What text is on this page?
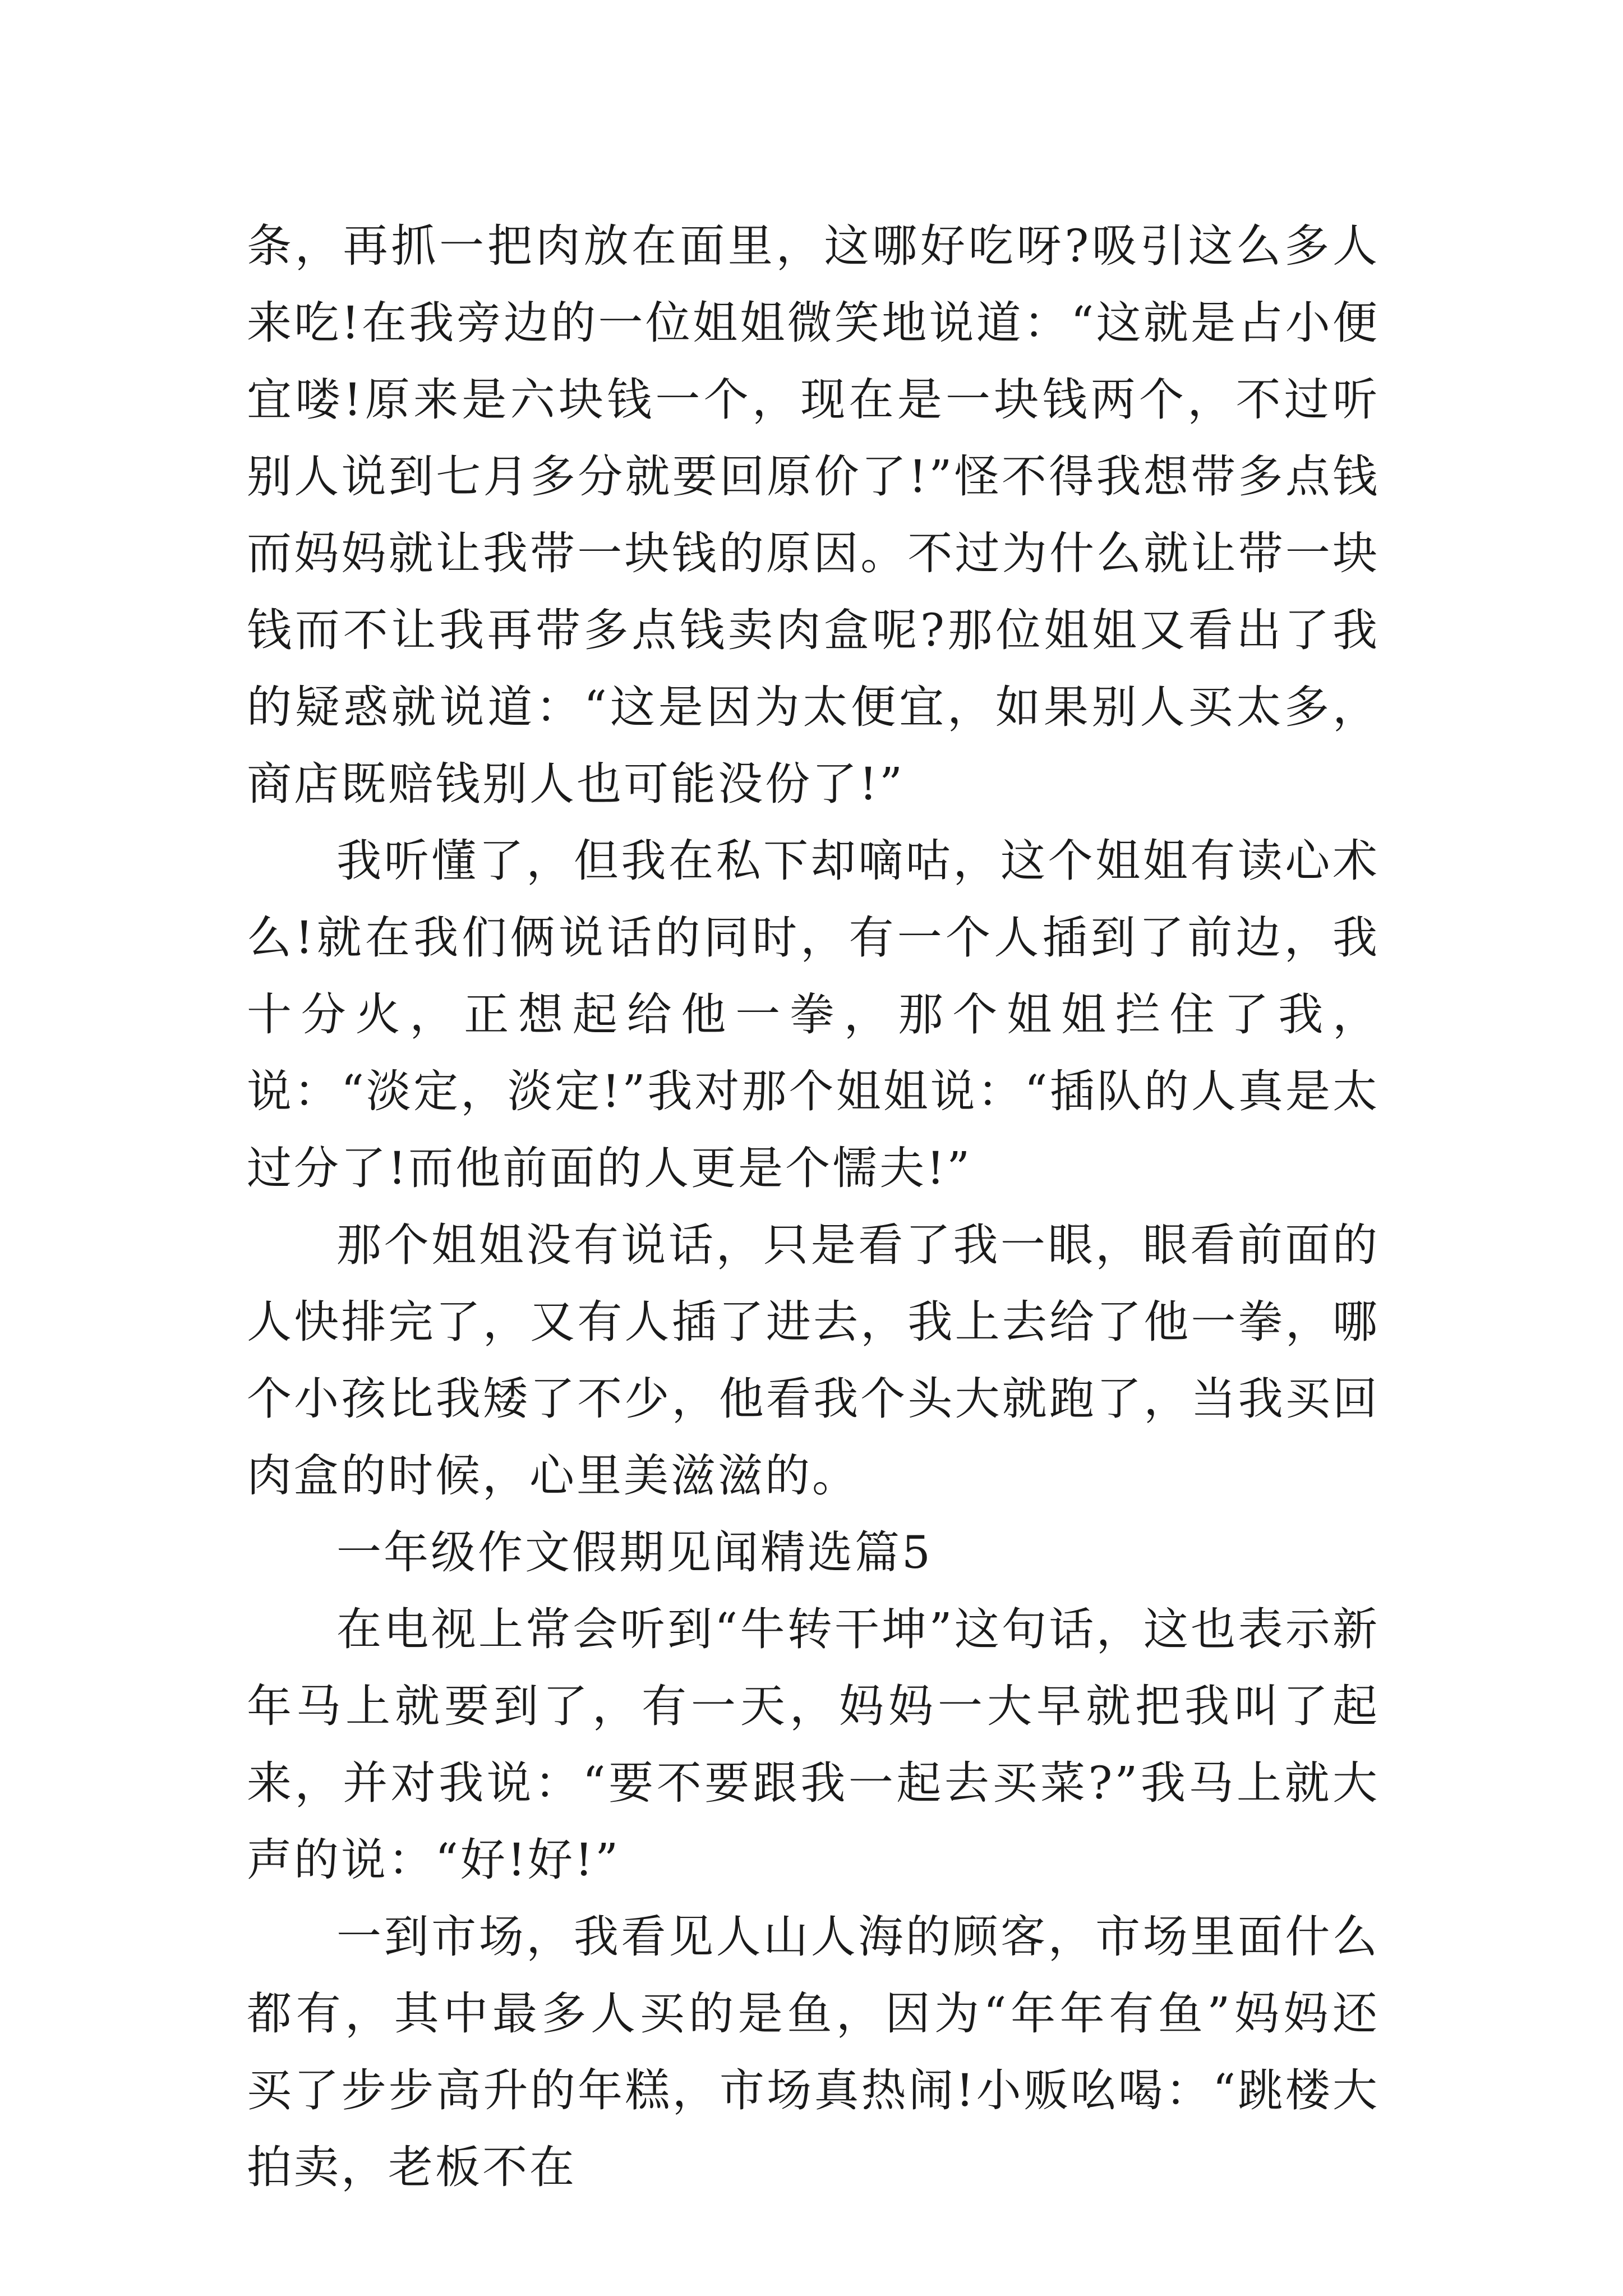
条，再抓一把肉放在面里，这哪好吃呀?吸引这么多人来吃!在我旁边的一位姐姐微笑地说道：“这就是占小便宜喽!原来是六块钱一个，现在是一块钱两个，不过听别人说到七月多分就要回原价了!”怪不得我想带多点钱而妈妈就让我带一块钱的原因。不过为什么就让带一块钱而不让我再带多点钱卖肉盒呢?那位姐姐又看出了我的疑惑就说道：“这是因为太便宜，如果别人买太多，商店既赔钱别人也可能没份了!”

我听懂了，但我在私下却嘀咕，这个姐姐有读心术么!就在我们俩说话的同时，有一个人插到了前边，我十分火，正想起给他一拳，那个姐姐拦住了我，说：“淡定，淡定!”我对那个姐姐说：“插队的人真是太过分了!而他前面的人更是个懦夫!”

那个姐姐没有说话，只是看了我一眼，眼看前面的人快排完了，又有人插了进去，我上去给了他一拳，哪个小孩比我矮了不少，他看我个头大就跑了，当我买回肉盒的时候，心里美滋滋的。

一年级作文假期见闻精选篇5

在电视上常会听到“牛转干坤”这句话，这也表示新年马上就要到了，有一天，妈妈一大早就把我叫了起来，并对我说：“要不要跟我一起去买菜?”我马上就大声的说：“好!好!”

一到市场，我看见人山人海的顾客，市场里面什么都有，其中最多人买的是鱼，因为“年年有鱼”妈妈还买了步步高升的年糕，市场真热闹!小贩吆喝：“跳楼大拍卖，老板不在
